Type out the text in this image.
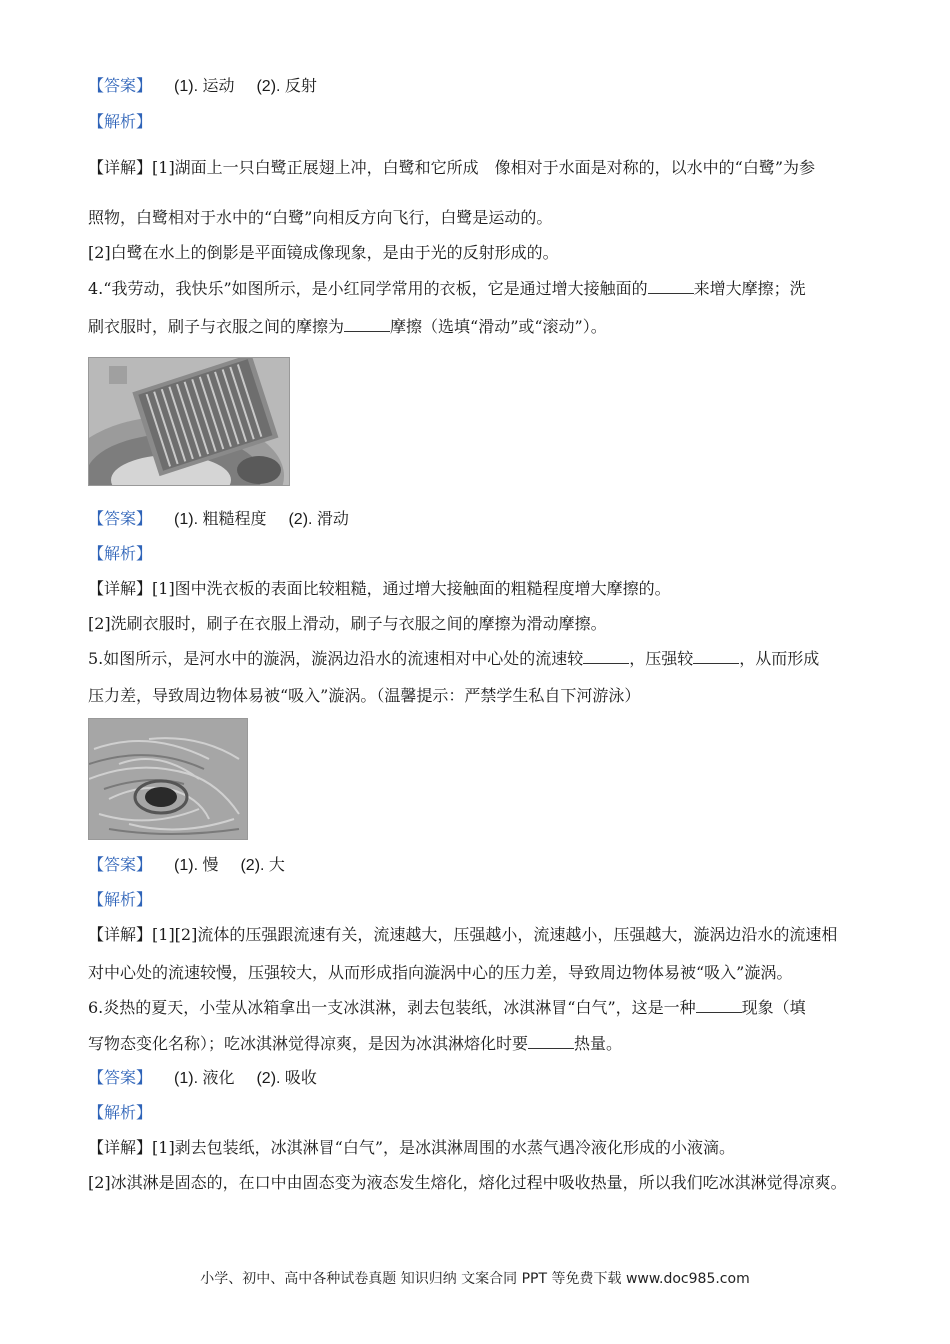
【答案】 (1). 运动 (2). 反射
【解析】
【详解】[1]湖面上一只白鹭正展翅上冲，白鹭和它所成　像相对于水面是对称的，以水中的“白鹭”为参
照物，白鹭相对于水中的“白鹭”向相反方向飞行，白鹭是运动的。
[2]白鹭在水上的倒影是平面镜成像现象，是由于光的反射形成的。
4.“我劳动，我快乐”如图所示，是小红同学常用的衣板，它是通过增大接触面的	来增大摩擦；洗
刷衣服时，刷子与衣服之间的摩擦为	摩擦（选填“滑动”或“滚动”）。
【答案】 (1). 粗糙程度 (2). 滑动
【解析】
【详解】[1]图中洗衣板的表面比较粗糙，通过增大接触面的粗糙程度增大摩擦的。
[2]洗刷衣服时，刷子在衣服上滑动，刷子与衣服之间的摩擦为滑动摩擦。
5.如图所示，是河水中的漩涡，漩涡边沿水的流速相对中心处的流速较	，压强较	，从而形成
压力差，导致周边物体易被“吸入”漩涡。（温馨提示：严禁学生私自下河游泳）
【答案】 (1). 慢 (2). 大
【解析】
【详解】[1][2]流体的压强跟流速有关，流速越大，压强越小，流速越小，压强越大，漩涡边沿水的流速相
对中心处的流速较慢，压强较大，从而形成指向漩涡中心的压力差，导致周边物体易被“吸入”漩涡。
6.炎热的夏天，小莹从冰箱拿出一支冰淇淋，剥去包装纸，冰淇淋冒“白气”，这是一种	现象（填
写物态变化名称）；吃冰淇淋觉得凉爽，是因为冰淇淋熔化时要	热量。
【答案】 (1). 液化 (2). 吸收
【解析】
【详解】[1]剥去包装纸，冰淇淋冒“白气”，是冰淇淋周围的水蒸气遇冷液化形成的小液滴。
[2]冰淇淋是固态的，在口中由固态变为液态发生熔化，熔化过程中吸收热量，所以我们吃冰淇淋觉得凉爽。
小学、初中、高中各种试卷真题 知识归纳 文案合同 PPT 等免费下载 www.doc985.com
